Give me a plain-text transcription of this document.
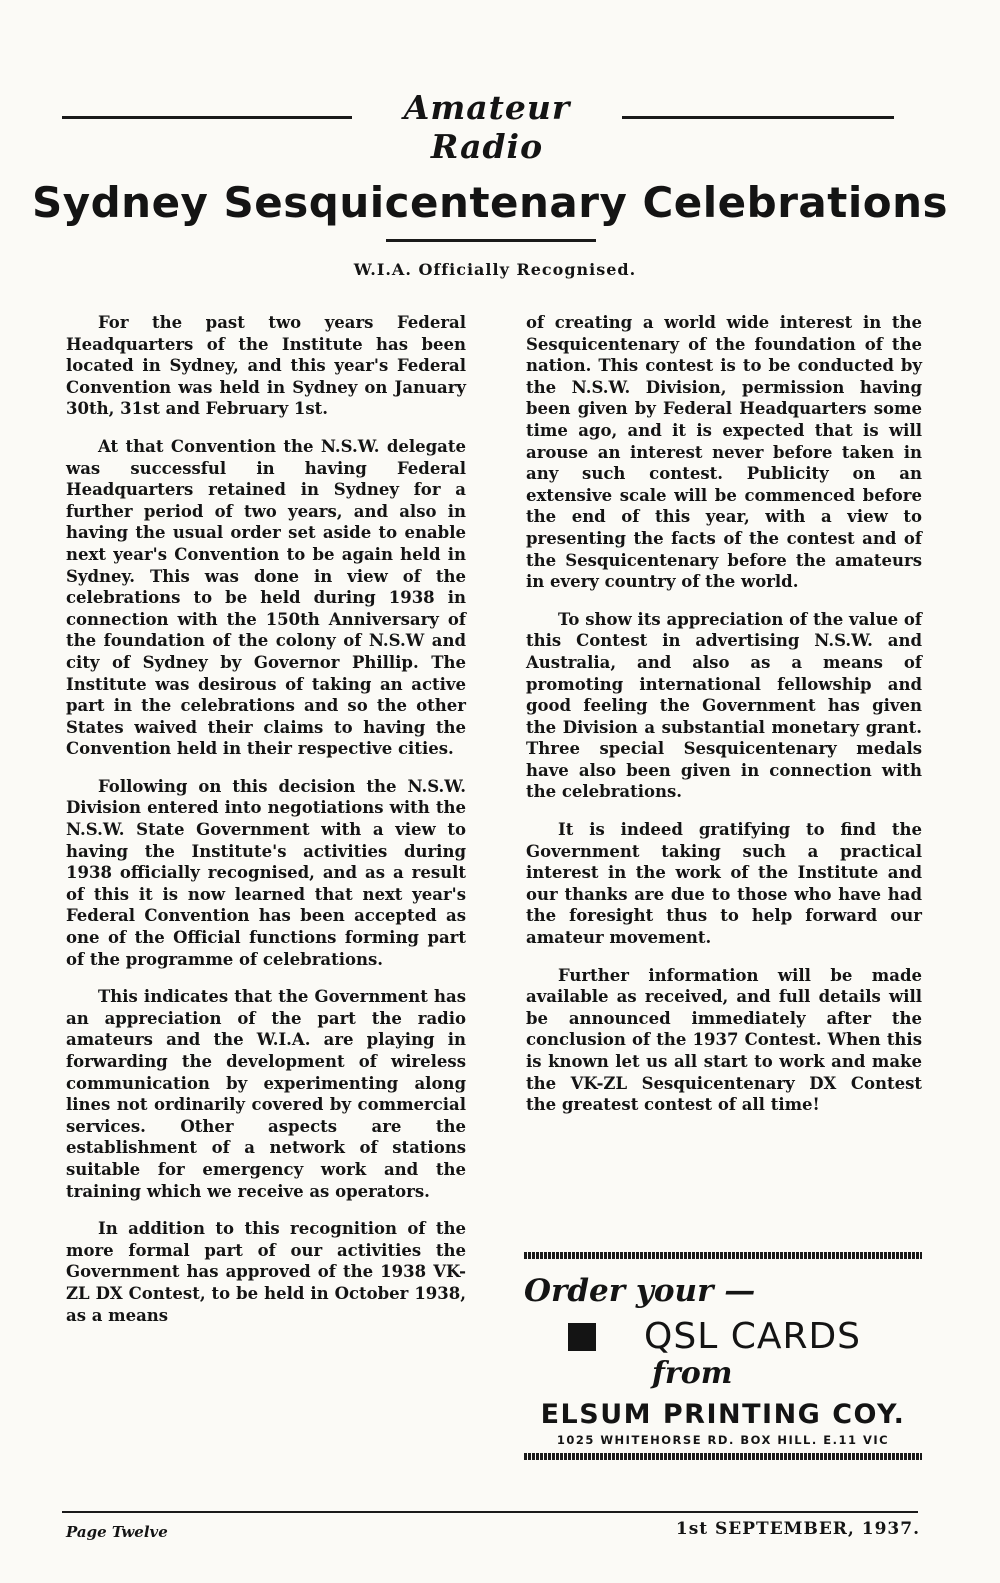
Amateur Radio
Sydney Sesquicentenary Celebrations
W.I.A. Officially Recognised.

For the past two years Federal Headquarters of the Institute has been located in Sydney, and this year's Federal Convention was held in Sydney on January 30th, 31st and February 1st.

At that Convention the N.S.W. delegate was successful in having Federal Headquarters retained in Sydney for a further period of two years, and also in having the usual order set aside to enable next year's Convention to be again held in Sydney. This was done in view of the celebrations to be held during 1938 in connection with the 150th Anniversary of the foundation of the colony of N.S.W and city of Sydney by Governor Phillip. The Institute was desirous of taking an active part in the celebrations and so the other States waived their claims to having the Convention held in their respective cities.

Following on this decision the N.S.W. Division entered into negotiations with the N.S.W. State Government with a view to having the Institute's activities during 1938 officially recognised, and as a result of this it is now learned that next year's Federal Convention has been accepted as one of the Official functions forming part of the programme of celebrations.

This indicates that the Government has an appreciation of the part the radio amateurs and the W.I.A. are playing in forwarding the development of wireless communication by experimenting along lines not ordinarily covered by commercial services. Other aspects are the establishment of a network of stations suitable for emergency work and the training which we receive as operators.

In addition to this recognition of the more formal part of our activities the Government has approved of the 1938 VK-ZL DX Contest, to be held in October 1938, as a means

of creating a world wide interest in the Sesquicentenary of the foundation of the nation. This contest is to be conducted by the N.S.W. Division, permission having been given by Federal Headquarters some time ago, and it is expected that is will arouse an interest never before taken in any such contest. Publicity on an extensive scale will be commenced before the end of this year, with a view to presenting the facts of the contest and of the Sesquicentenary before the amateurs in every country of the world.

To show its appreciation of the value of this Contest in advertising N.S.W. and Australia, and also as a means of promoting international fellowship and good feeling the Government has given the Division a substantial monetary grant. Three special Sesquicentenary medals have also been given in connection with the celebrations.

It is indeed gratifying to find the Government taking such a practical interest in the work of the Institute and our thanks are due to those who have had the foresight thus to help forward our amateur movement.

Further information will be made available as received, and full details will be announced immediately after the conclusion of the 1937 Contest. When this is known let us all start to work and make the VK-ZL Sesquicentenary DX Contest the greatest contest of all time!

Order your —
QSL CARDS
from
ELSUM PRINTING COY.
1025 WHITEHORSE RD. BOX HILL. E.11 VIC
Page Twelve	1st SEPTEMBER, 1937.
